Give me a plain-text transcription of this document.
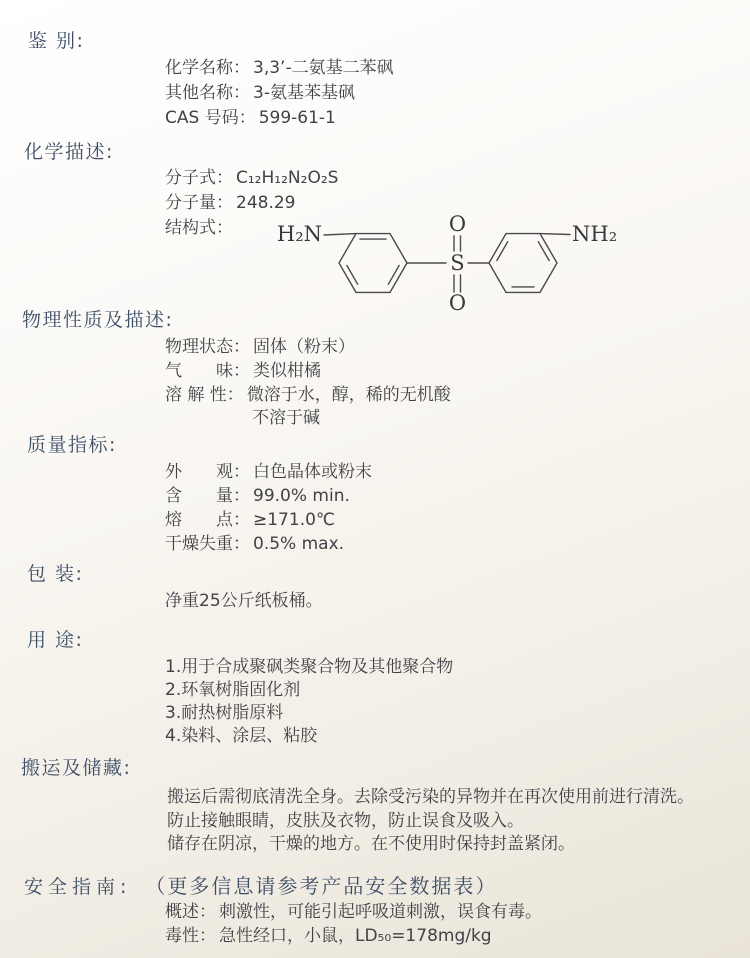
鉴 别:
化学名称： 3,3’-二氨基二苯砜
其他名称： 3-氨基苯基砜
CAS 号码： 599-61-1
化学描述:
分子式： C₁₂H₁₂N₂O₂S
分子量： 248.29
结构式： H₂N	O
S
O
NH₂
物理性质及描述:
物理状态： 固体（粉末）
气　　味： 类似柑橘
溶 解 性： 微溶于水，醇，稀的无机酸
不溶于碱
质量指标:
外　　观： 白色晶体或粉末
含　　量： 99.0% min.
熔　　点： ≥171.0℃
干燥失重： 0.5% max.
包 装:
净重25公斤纸板桶。
用 途:
1.用于合成聚砜类聚合物及其他聚合物
2.环氧树脂固化剂
3.耐热树脂原料
4.染料、涂层、粘胶
搬运及储藏:
搬运后需彻底清洗全身。去除受污染的异物并在再次使用前进行清洗。
防止接触眼睛，皮肤及衣物，防止误食及吸入。
储存在阴凉，干燥的地方。在不使用时保持封盖紧闭。
安全指南: （更多信息请参考产品安全数据表）
概述： 刺激性，可能引起呼吸道刺激，误食有毒。
毒性： 急性经口，小鼠，LD₅₀=178mg/kg
